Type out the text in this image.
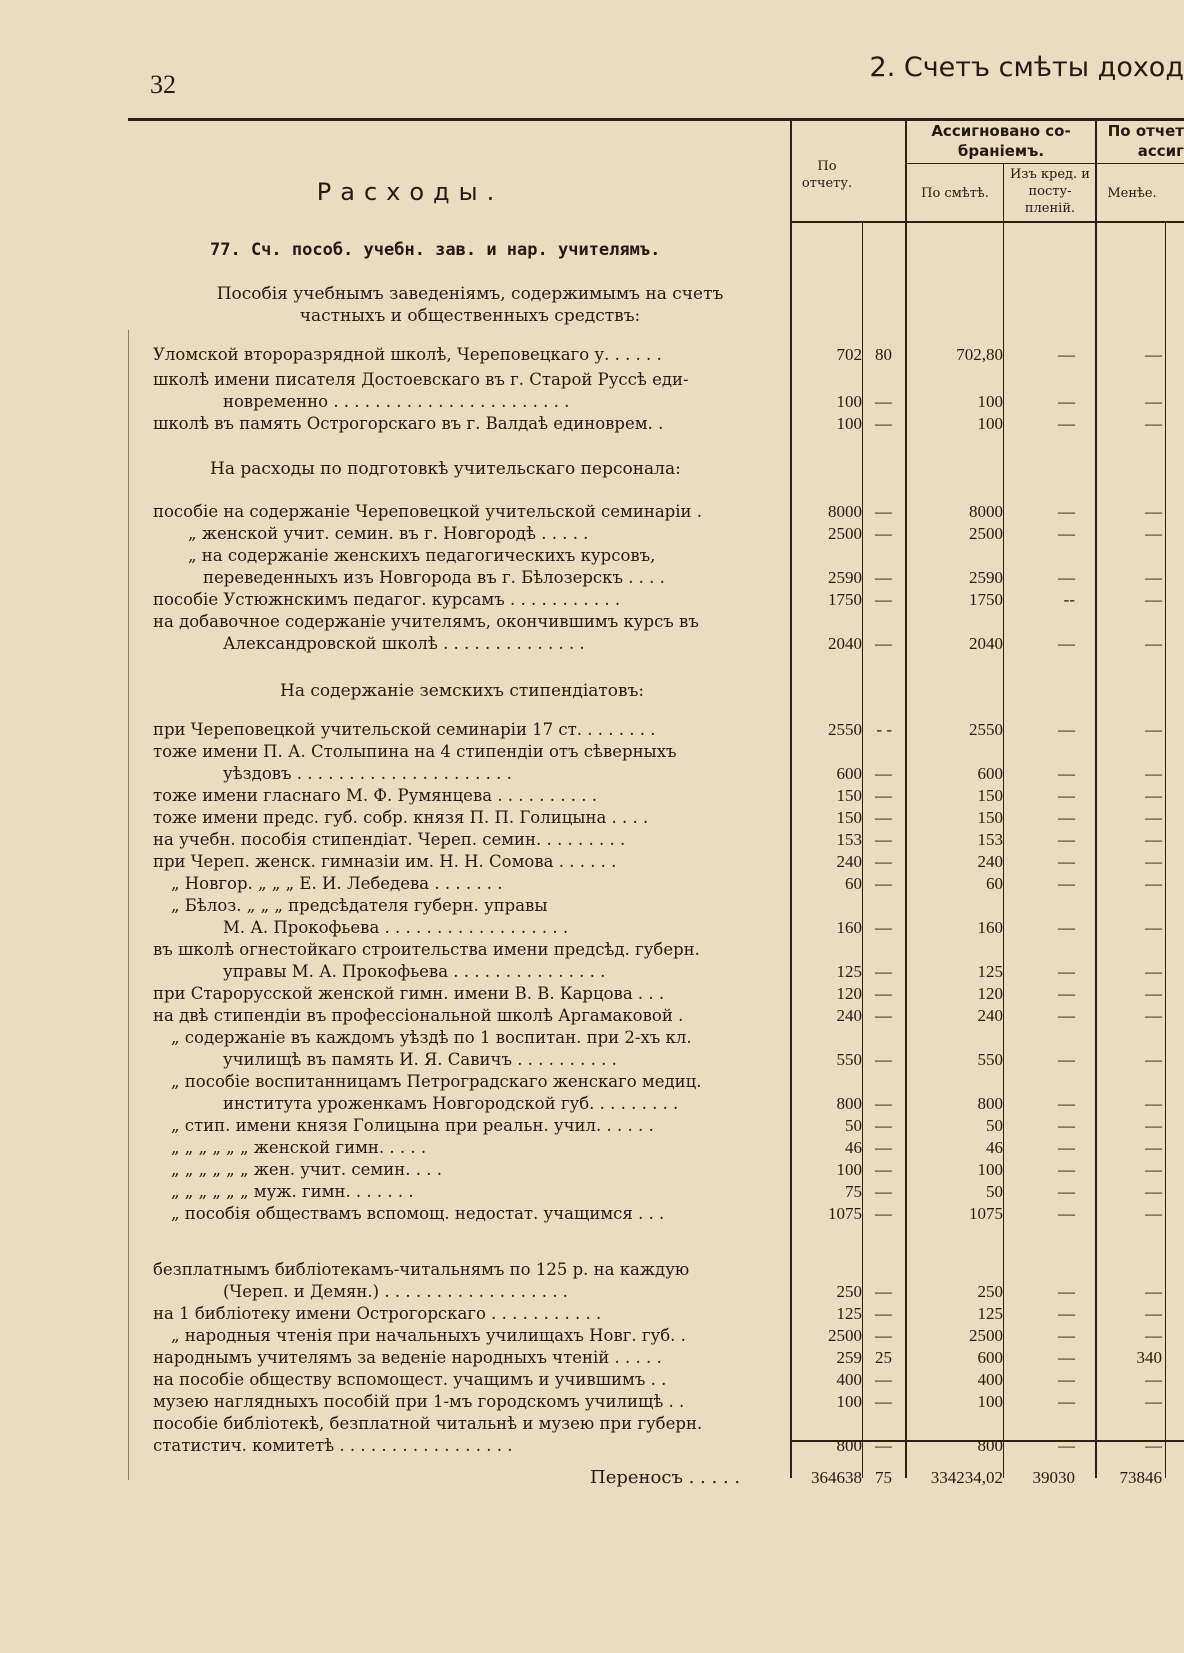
32
2. Счетъ смѣты доход
По отчету.
Ассигновано со-браніемъ.
По смѣтѣ.
Изъ кред. и посту-пленій.
По отчет ассиг
Менѣе.
Расходы.
77. Сч. пособ. учебн. зав. и нар. учителямъ.
Пособія учебнымъ заведеніямъ, содержимымъ на счетъ частныхъ и общественныхъ средствъ:
На расходы по подготовкѣ учительскаго персонала:
На содержаніе земскихъ стипендіатовъ:
Уломской второразрядной школѣ, Череповецкаго у. . . . . .	702 80	702,80	—	—
школѣ имени писателя Достоевскаго въ г. Старой Руссѣ еди-
новременно . . . . . . . . . . . . . . . . . . . . . . .	100 —	100	—	—
школѣ въ память Острогорскаго въ г. Валдаѣ единоврем. .	100 —	100	—	—
пособіе на содержаніе Череповецкой учительской семинаріи .	8000 —	8000	—	—
„ женской учит. семин. въ г. Новгородѣ . . . . .	2500 —	2500	—	—
„ на содержаніе женскихъ педагогическихъ курсовъ,
переведенныхъ изъ Новгорода въ г. Бѣлозерскъ . . . .	2590 —	2590	—	—
пособіе Устюжнскимъ педагог. курсамъ . . . . . . . . . . .	1750 —	1750	--	—
на добавочное содержаніе учителямъ, окончившимъ курсъ въ
Александровской школѣ . . . . . . . . . . . . . .	2040 —	2040	—	—
при Череповецкой учительской семинаріи 17 ст. . . . . . . .	2550 - -	2550	—	—
тоже имени П. А. Столыпина на 4 стипендіи отъ сѣверныхъ
уѣздовъ . . . . . . . . . . . . . . . . . . . . .	600 —	600	—	—
тоже имени гласнаго М. Ф. Румянцева . . . . . . . . . .	150 —	150	—	—
тоже имени предс. губ. собр. князя П. П. Голицына . . . .	150 —	150	—	—
на учебн. пособія стипендіат. Череп. семин. . . . . . . . .	153 —	153	—	—
при Череп. женск. гимназіи им. Н. Н. Сомова . . . . . .	240 —	240	—	—
„ Новгор. „ „ „ Е. И. Лебедева . . . . . . .	60 —	60	—	—
„ Бѣлоз. „ „ „ предсѣдателя губерн. управы
М. А. Прокофьева . . . . . . . . . . . . . . . . . .	160 —	160	—	—
въ школѣ огнестойкаго строительства имени предсѣд. губерн.
управы М. А. Прокофьева . . . . . . . . . . . . . . .	125 —	125	—	—
при Старорусской женской гимн. имени В. В. Карцова . . .	120 —	120	—	—
на двѣ стипендіи въ профессіональной школѣ Аргамаковой .	240 —	240	—	—
„ содержаніе въ каждомъ уѣздѣ по 1 воспитан. при 2-хъ кл.
училищѣ въ память И. Я. Савичъ . . . . . . . . . .	550 —	550	—	—
„ пособіе воспитанницамъ Петроградскаго женскаго медиц.
института уроженкамъ Новгородской губ. . . . . . . . .	800 —	800	—	—
„ стип. имени князя Голицына при реальн. учил. . . . . .	50 —	50	—	—
„ „ „ „ „ „ женской гимн. . . . .	46 —	46	—	—
„ „ „ „ „ „ жен. учит. семин. . . .	100 —	100	—	—
„ „ „ „ „ „ муж. гимн. . . . . . .	75 —	50	—	—
„ пособія обществамъ вспомощ. недостат. учащимся . . .	1075 —	1075	—	—
безплатнымъ библіотекамъ-читальнямъ по 125 р. на каждую
(Череп. и Демян.) . . . . . . . . . . . . . . . . . .	250 —	250	—	—
на 1 библіотеку имени Острогорскаго . . . . . . . . . . .	125 —	125	—	—
„ народныя чтенія при начальныхъ училищахъ Новг. губ. .	2500 —	2500	—	—
народнымъ учителямъ за веденіе народныхъ чтеній . . . . .	259 25	600	—	340
на пособіе обществу вспомощест. учащимъ и учившимъ . .	400 —	400	—	—
музею наглядныхъ пособій при 1-мъ городскомъ училищѣ . .	100 —	100	—	—
пособіе библіотекѣ, безплатной читальнѣ и музею при губерн.
статистич. комитетѣ . . . . . . . . . . . . . . . . .	800 —	800	—	—
Переносъ . . . . .	364638 75	334234,02	39030	73846
